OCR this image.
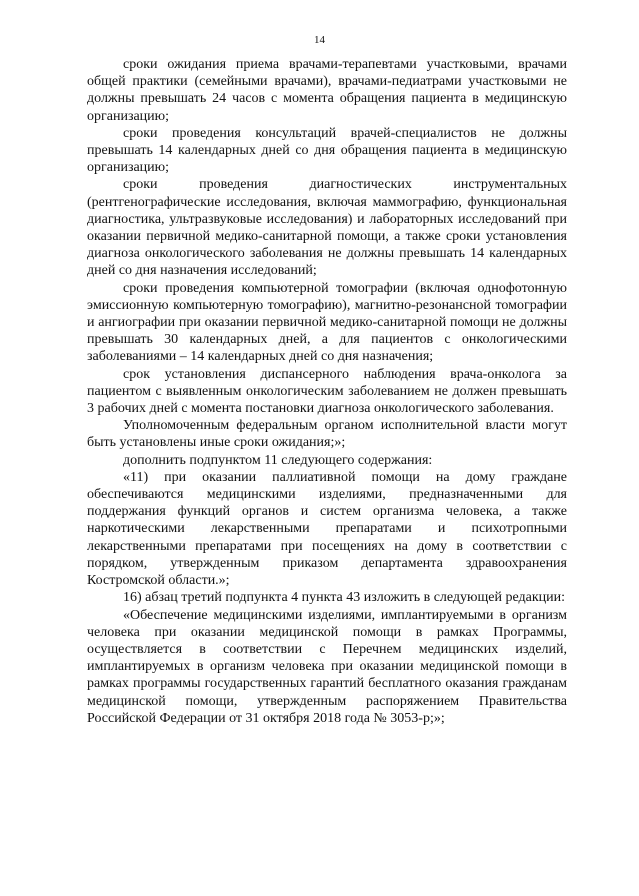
14

сроки ожидания приема врачами-терапевтами участковыми, врачами общей практики (семейными врачами), врачами-педиатрами участковыми не должны превышать 24 часов с момента обращения пациента в медицинскую организацию;

сроки проведения консультаций врачей-специалистов не должны превышать 14 календарных дней со дня обращения пациента в медицинскую организацию;

сроки проведения диагностических инструментальных (рентгенографические исследования, включая маммографию, функциональная диагностика, ультразвуковые исследования) и лабораторных исследований при оказании первичной медико-санитарной помощи, а также сроки установления диагноза онкологического заболевания не должны превышать 14 календарных дней со дня назначения исследований;

сроки проведения компьютерной томографии (включая однофотонную эмиссионную компьютерную томографию), магнитно-резонансной томографии и ангиографии при оказании первичной медико-санитарной помощи не должны превышать 30 календарных дней, а для пациентов с онкологическими заболеваниями – 14 календарных дней со дня назначения;

срок установления диспансерного наблюдения врача-онколога за пациентом с выявленным онкологическим заболеванием не должен превышать 3 рабочих дней с момента постановки диагноза онкологического заболевания.

Уполномоченным федеральным органом исполнительной власти могут быть установлены иные сроки ожидания;»;

дополнить подпунктом 11 следующего содержания:

«11) при оказании паллиативной помощи на дому граждане обеспечиваются медицинскими изделиями, предназначенными для поддержания функций органов и систем организма человека, а также наркотическими лекарственными препаратами и психотропными лекарственными препаратами при посещениях на дому в соответствии с порядком, утвержденным приказом департамента здравоохранения Костромской области.»;

16) абзац третий подпункта 4 пункта 43 изложить в следующей редакции:

«Обеспечение медицинскими изделиями, имплантируемыми в организм человека при оказании медицинской помощи в рамках Программы, осуществляется в соответствии с Перечнем медицинских изделий, имплантируемых в организм человека при оказании медицинской помощи в рамках программы государственных гарантий бесплатного оказания гражданам медицинской помощи, утвержденным распоряжением Правительства Российской Федерации от 31 октября 2018 года № 3053-р;»;
